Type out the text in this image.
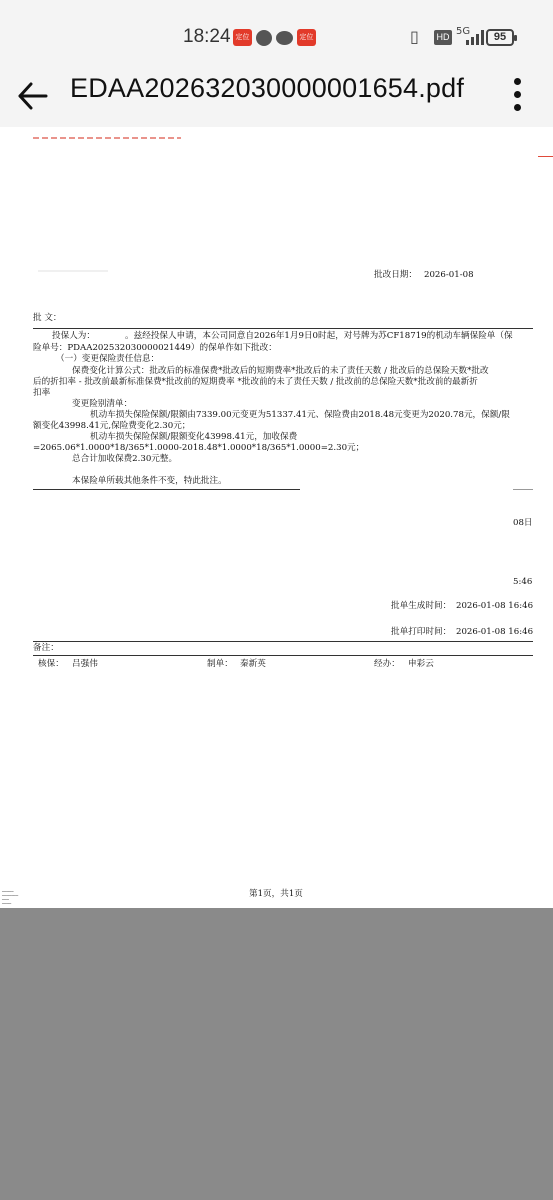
18:24 定位	定位	▯ HD 5G	95
EDAA202632030000001654.pdf
批改日期： 2026-01-08
批 文：
投保人为：　　　　。兹经投保人申请，本公司同意自2026年1月9日0时起，对号牌为苏CF18719的机动车辆保险单（保
险单号：PDAA202532030000021449）的保单作如下批改：
（一）变更保险责任信息：
保费变化计算公式：批改后的标准保费*批改后的短期费率*批改后的未了责任天数 / 批改后的总保险天数*批改
后的折扣率 - 批改前最新标准保费*批改前的短期费率 *批改前的未了责任天数 / 批改前的总保险天数*批改前的最新折
扣率
变更险别清单：
机动车损失保险保额/限额由7339.00元变更为51337.41元、保险费由2018.48元变更为2020.78元，保额/限
额变化43998.41元,保险费变化2.30元；
机动车损失保险保额/限额变化43998.41元，加收保费
=2065.06*1.0000*18/365*1.0000-2018.48*1.0000*18/365*1.0000=2.30元；
总合计加收保费2.30元整。
本保险单所载其他条件不变，特此批注。
08日
5:46
批单生成时间： 2026-01-08 16:46
批单打印时间： 2026-01-08 16:46
备注：
核保： 吕强伟	制单： 秦新英	经办： 申彩云
▁▁▁▁▁
▁▁▁▁▁▁▁
▁▁▁
▁▁▁▁
第1页，共1页
